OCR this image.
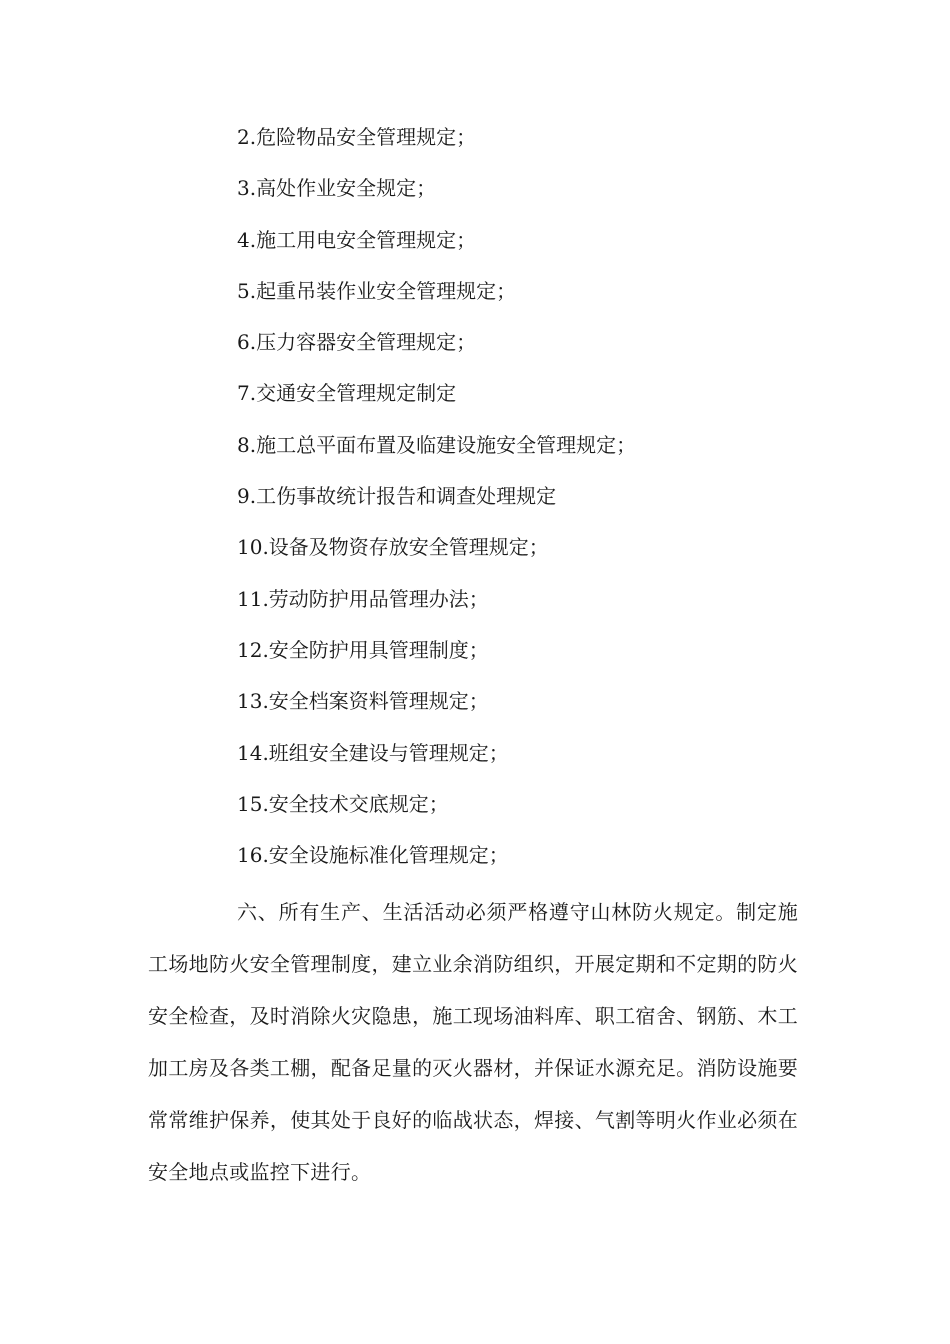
2.危险物品安全管理规定；
3.高处作业安全规定；
4.施工用电安全管理规定；
5.起重吊装作业安全管理规定；
6.压力容器安全管理规定；
7.交通安全管理规定制定
8.施工总平面布置及临建设施安全管理规定；
9.工伤事故统计报告和调查处理规定
10.设备及物资存放安全管理规定；
11.劳动防护用品管理办法；
12.安全防护用具管理制度；
13.安全档案资料管理规定；
14.班组安全建设与管理规定；
15.安全技术交底规定；
16.安全设施标准化管理规定；

六、所有生产、生活活动必须严格遵守山林防火规定。制定施工场地防火安全管理制度，建立业余消防组织，开展定期和不定期的防火安全检查，及时消除火灾隐患，施工现场油料库、职工宿舍、钢筋、木工加工房及各类工棚，配备足量的灭火器材，并保证水源充足。消防设施要常常维护保养，使其处于良好的临战状态，焊接、气割等明火作业必须在安全地点或监控下进行。
